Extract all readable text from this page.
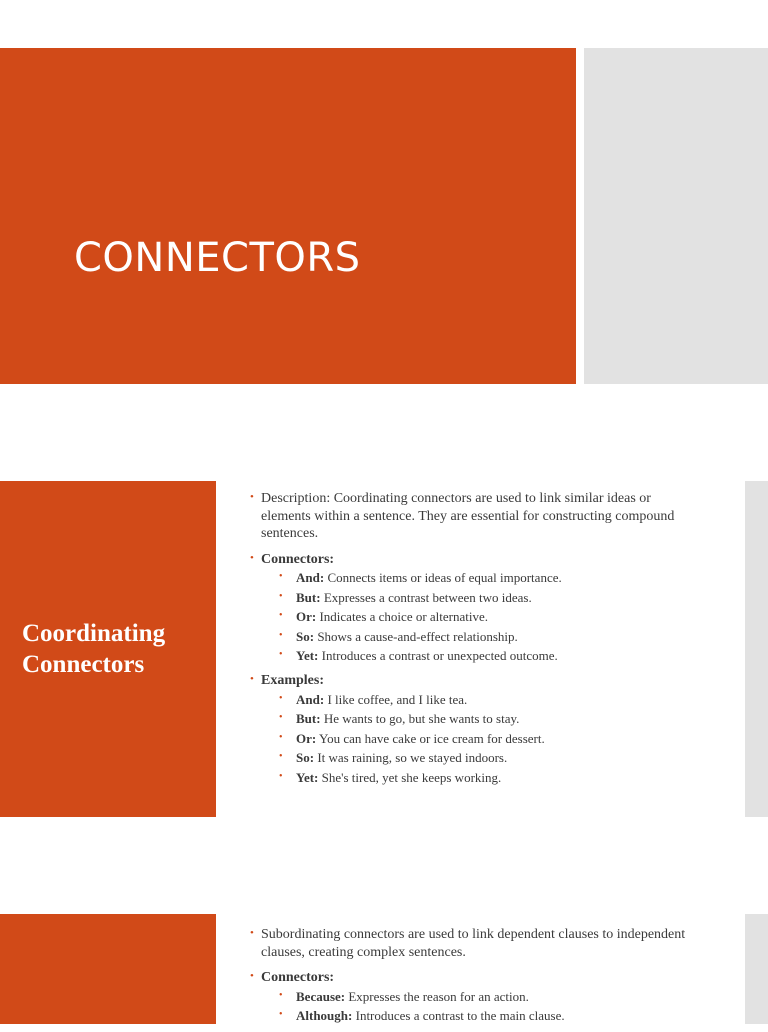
CONNECTORS
Coordinating
Connectors
• Description: Coordinating connectors are used to link similar ideas or elements within a sentence. They are essential for constructing compound sentences.
• Connectors:
• And: Connects items or ideas of equal importance.
• But: Expresses a contrast between two ideas.
• Or: Indicates a choice or alternative.
• So: Shows a cause-and-effect relationship.
• Yet: Introduces a contrast or unexpected outcome.
• Examples:
• And: I like coffee, and I like tea.
• But: He wants to go, but she wants to stay.
• Or: You can have cake or ice cream for dessert.
• So: It was raining, so we stayed indoors.
• Yet: She's tired, yet she keeps working.
• Subordinating connectors are used to link dependent clauses to independent clauses, creating complex sentences.
• Connectors:
• Because: Expresses the reason for an action.
• Although: Introduces a contrast to the main clause.
